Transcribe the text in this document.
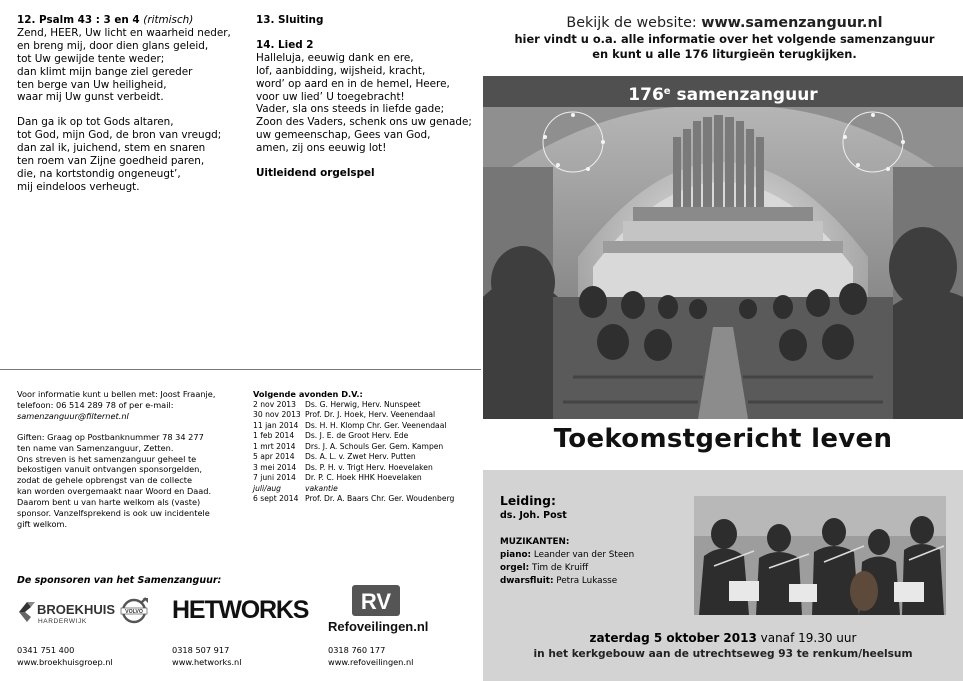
12. Psalm 43 : 3 en 4 (ritmisch)
Zend, HEER, Uw licht en waarheid neder,
en breng mij, door dien glans geleid,
tot Uw gewijde tente weder;
dan klimt mijn bange ziel gereder
ten berge van Uw heiligheid,
waar mij Uw gunst verbeidt.
Dan ga ik op tot Gods altaren,
tot God, mijn God, de bron van vreugd;
dan zal ik, juichend, stem en snaren
ten roem van Zijne goedheid paren,
die, na kortstondig ongeneugt’,
mij eindeloos verheugt.
13. Sluiting
14. Lied 2
Halleluja, eeuwig dank en ere,
lof, aanbidding, wijsheid, kracht,
word’ op aard en in de hemel, Heere,
voor uw lied’ U toegebracht!
Vader, sla ons steeds in liefde gade;
Zoon des Vaders, schenk ons uw genade;
uw gemeenschap, Gees van God,
amen, zij ons eeuwig lot!
Uitleidend orgelspel
Voor informatie kunt u bellen met: Joost Fraanje,
telefoon: 06 514 289 78 of per e-mail:
samenzanguur@filternet.nl
Giften: Graag op Postbanknummer 78 34 277
ten name van Samenzanguur, Zetten.
Ons streven is het samenzanguur geheel te
bekostigen vanuit ontvangen sponsorgelden,
zodat de gehele opbrengst van de collecte
kan worden overgemaakt naar Woord en Daad.
Daarom bent u van harte welkom als (vaste)
sponsor. Vanzelfsprekend is ook uw incidentele
gift welkom.
Volgende avonden D.V.:
2 nov 2013	Ds. G. Herwig, Herv. Nunspeet
30 nov 2013 Prof. Dr. J. Hoek, Herv. Veenendaal
11 jan 2014 Ds. H. H. Klomp Chr. Ger. Veenendaal
1 feb 2014	Ds. J. E. de Groot Herv. Ede
1 mrt 2014	Drs. J. A. Schouls Ger. Gem. Kampen
5 apr 2014	Ds. A. L. v. Zwet Herv. Putten
3 mei 2014	Ds. P. H. v. Trigt Herv. Hoevelaken
7 juni 2014	Dr. P. C. Hoek HHK Hoevelaken
juli/aug	vakantie
6 sept 2014 Prof. Dr. A. Baars Chr. Ger. Woudenberg
De sponsoren van het Samenzanguur:
BROEKHUIS
HARDERWIJK
VOLVO HETWORKS RV
Refoveilingen.nl
0341 751 400
www.broekhuisgroep.nl
0318 507 917
www.hetworks.nl
0318 760 177
www.refoveilingen.nl
Bekijk de website: www.samenzanguur.nl
hier vindt u o.a. alle informatie over het volgende samenzanguur
en kunt u alle 176 liturgieën terugkijken.
176e samenzanguur
Toekomstgericht leven
Leiding:
ds. Joh. Post
MUZIKANTEN:
piano: Leander van der Steen
orgel: Tim de Kruiff
dwarsfluit: Petra Lukasse
zaterdag 5 oktober 2013 vanaf 19.30 uur
in het kerkgebouw aan de utrechtseweg 93 te renkum/heelsum
